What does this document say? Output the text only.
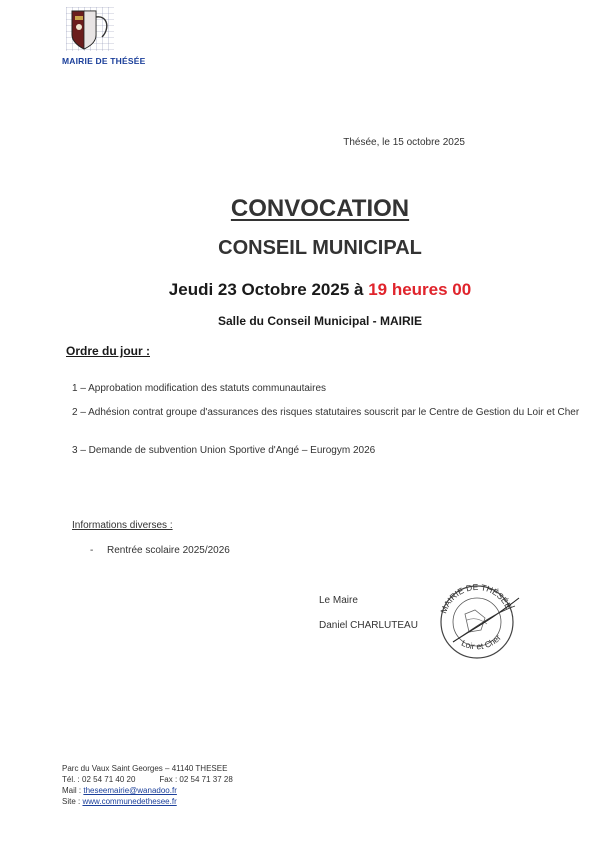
MAIRIE DE THÉSÉE
Thésée, le 15 octobre 2025
CONVOCATION
CONSEIL MUNICIPAL
Jeudi 23 Octobre 2025 à 19 heures 00
Salle du Conseil Municipal - MAIRIE
Ordre du jour :
1 – Approbation modification des statuts communautaires
2 – Adhésion contrat groupe d'assurances des risques statutaires souscrit par le Centre de Gestion du Loir et Cher
3 – Demande de subvention Union Sportive d'Angé – Eurogym 2026
Informations diverses :
- Rentrée scolaire 2025/2026
Le Maire
Daniel CHARLUTEAU
MAIRIE DE THÉSÉE
Loir et Cher
Parc du Vaux Saint Georges – 41140 THESEE
Tél. : 02 54 71 40 20	Fax : 02 54 71 37 28
Mail : theseemairie@wanadoo.fr
Site : www.communedethesee.fr
